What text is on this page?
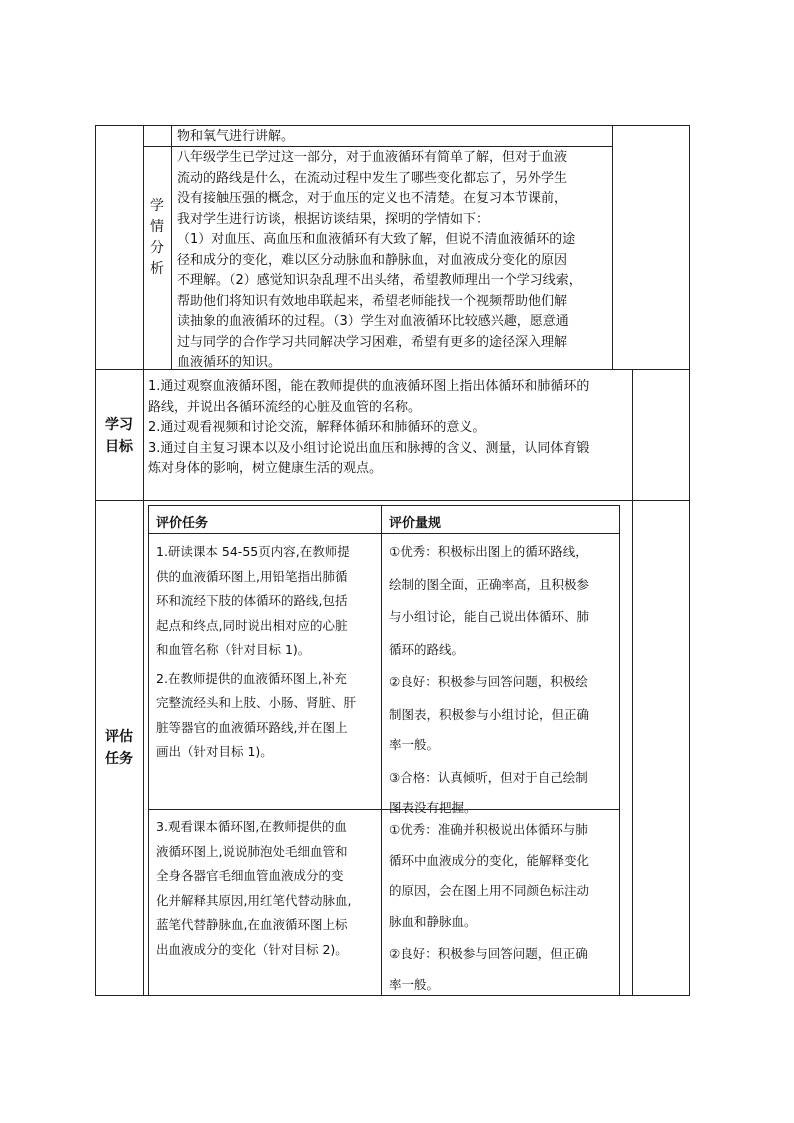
物和氧气进行讲解。
学
情
分
析

八年级学生已学过这一部分，对于血液循环有简单了解，但对于血液

流动的路线是什么，在流动过程中发生了哪些变化都忘了，另外学生

没有接触压强的概念，对于血压的定义也不清楚。在复习本节课前，

我对学生进行访谈，根据访谈结果，探明的学情如下：

（1）对血压、高血压和血液循环有大致了解，但说不清血液循环的途

径和成分的变化，难以区分动脉血和静脉血，对血液成分变化的原因

不理解。（2）感觉知识杂乱理不出头绪，希望教师理出一个学习线索，

帮助他们将知识有效地串联起来，希望老师能找一个视频帮助他们解

读抽象的血液循环的过程。（3）学生对血液循环比较感兴趣，愿意通

过与同学的合作学习共同解决学习困难，希望有更多的途径深入理解

血液循环的知识。

学习
目标

1.通过观察血液循环图，能在教师提供的血液循环图上指出体循环和肺循环的

路线，并说出各循环流经的心脏及血管的名称。

2.通过观看视频和讨论交流，解释体循环和肺循环的意义。

3.通过自主复习课本以及小组讨论说出血压和脉搏的含义、测量，认同体育锻

炼对身体的影响，树立健康生活的观点。

评估
任务
评价任务	评价量规

1.研读课本 54-55页内容,在教师提

供的血液循环图上,用铅笔指出肺循

环和流经下肢的体循环的路线,包括

起点和终点,同时说出相对应的心脏

和血管名称（针对目标 1)。

2.在教师提供的血液循环图上,补充

完整流经头和上肢、小肠、肾脏、肝

脏等器官的血液循环路线,并在图上

画出（针对目标 1)。

①优秀：积极标出图上的循环路线，

绘制的图全面，正确率高，且积极参

与小组讨论，能自己说出体循环、肺

循环的路线。

②良好：积极参与回答问题，积极绘

制图表，积极参与小组讨论，但正确

率一般。

③合格：认真倾听，但对于自己绘制

图表没有把握。

3.观看课本循环图,在教师提供的血

液循环图上,说说肺泡处毛细血管和

全身各器官毛细血管血液成分的变

化并解释其原因,用红笔代替动脉血,

蓝笔代替静脉血,在血液循环图上标

出血液成分的变化（针对目标 2)。

①优秀：准确并积极说出体循环与肺

循环中血液成分的变化，能解释变化

的原因，会在图上用不同颜色标注动

脉血和静脉血。

②良好：积极参与回答问题，但正确

率一般。
